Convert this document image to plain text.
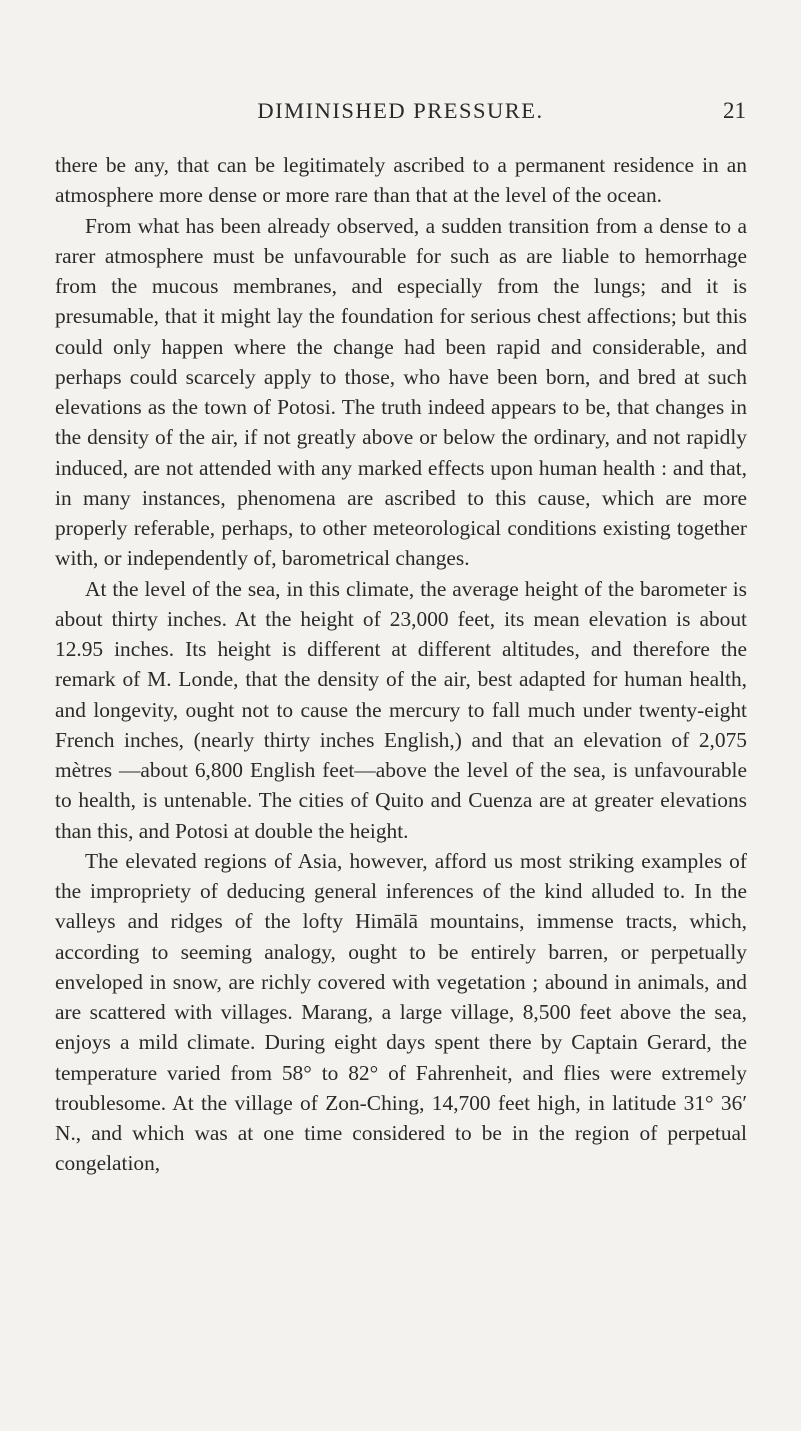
DIMINISHED PRESSURE.	21

there be any, that can be legitimately ascribed to a permanent residence in an atmosphere more dense or more rare than that at the level of the ocean.

From what has been already observed, a sudden transition from a dense to a rarer atmosphere must be unfavourable for such as are liable to hemorrhage from the mucous membranes, and especially from the lungs; and it is presumable, that it might lay the foundation for serious chest affections; but this could only happen where the change had been rapid and considerable, and perhaps could scarcely apply to those, who have been born, and bred at such elevations as the town of Potosi. The truth indeed appears to be, that changes in the density of the air, if not greatly above or below the ordinary, and not rapidly induced, are not attended with any marked effects upon human health : and that, in many instances, phenomena are ascribed to this cause, which are more properly referable, perhaps, to other meteorological conditions existing together with, or independently of, barometrical changes.

At the level of the sea, in this climate, the average height of the barometer is about thirty inches. At the height of 23,000 feet, its mean elevation is about 12.95 inches. Its height is different at different altitudes, and therefore the remark of M. Londe, that the density of the air, best adapted for human health, and longevity, ought not to cause the mercury to fall much under twenty-eight French inches, (nearly thirty inches English,) and that an elevation of 2,075 mètres —about 6,800 English feet—above the level of the sea, is unfavourable to health, is untenable. The cities of Quito and Cuenza are at greater elevations than this, and Potosi at double the height.

The elevated regions of Asia, however, afford us most striking examples of the impropriety of deducing general inferences of the kind alluded to. In the valleys and ridges of the lofty Himālā mountains, immense tracts, which, according to seeming analogy, ought to be entirely barren, or perpetually enveloped in snow, are richly covered with vegetation ; abound in animals, and are scattered with villages. Marang, a large village, 8,500 feet above the sea, enjoys a mild climate. During eight days spent there by Captain Gerard, the temperature varied from 58° to 82° of Fahrenheit, and flies were extremely troublesome. At the village of Zon-Ching, 14,700 feet high, in latitude 31° 36′ N., and which was at one time considered to be in the region of perpetual congelation,
